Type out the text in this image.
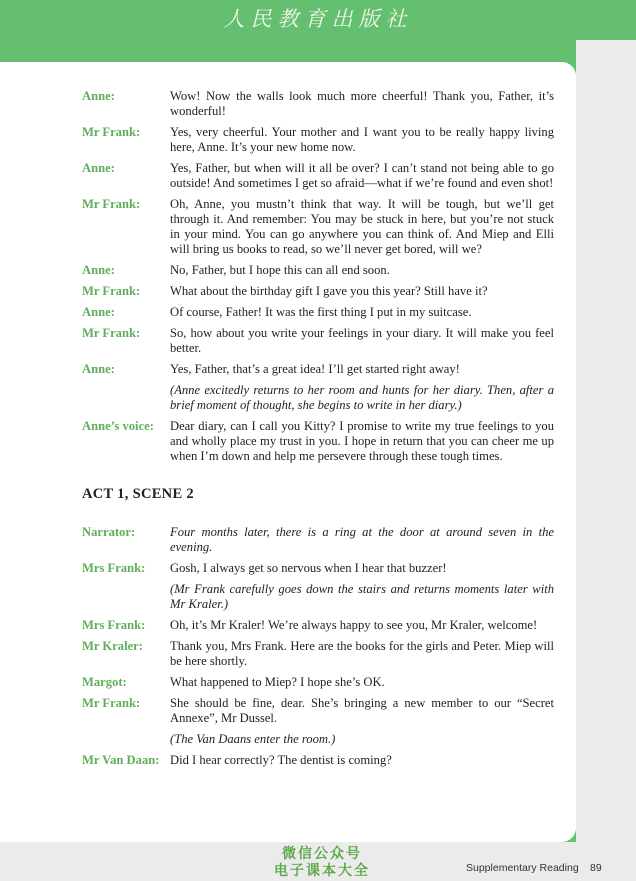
人民教育出版社
Anne:	Wow! Now the walls look much more cheerful! Thank you, Father, it’s wonderful!
Mr Frank:	Yes, very cheerful. Your mother and I want you to be really happy living here, Anne. It’s your new home now.
Anne:	Yes, Father, but when will it all be over? I can’t stand not being able to go outside! And sometimes I get so afraid—what if we’re found and even shot!
Mr Frank:	Oh, Anne, you mustn’t think that way. It will be tough, but we’ll get through it. And remember: You may be stuck in here, but you’re not stuck in your mind. You can go anywhere you can think of. And Miep and Elli will bring us books to read, so we’ll never get bored, will we?
Anne:	No, Father, but I hope this can all end soon.
Mr Frank:	What about the birthday gift I gave you this year? Still have it?
Anne:	Of course, Father! It was the first thing I put in my suitcase.
Mr Frank:	So, how about you write your feelings in your diary. It will make you feel better.
Anne:	Yes, Father, that’s a great idea! I’ll get started right away!
(Anne excitedly returns to her room and hunts for her diary. Then, after a brief moment of thought, she begins to write in her diary.)
Anne’s voice:	Dear diary, can I call you Kitty? I promise to write my true feelings to you and wholly place my trust in you. I hope in return that you can cheer me up when I’m down and help me persevere through these tough times.
ACT 1, SCENE 2
Narrator:	Four months later, there is a ring at the door at around seven in the evening.
Mrs Frank:	Gosh, I always get so nervous when I hear that buzzer!
(Mr Frank carefully goes down the stairs and returns moments later with Mr Kraler.)
Mrs Frank:	Oh, it’s Mr Kraler! We’re always happy to see you, Mr Kraler, welcome!
Mr Kraler:	Thank you, Mrs Frank. Here are the books for the girls and Peter. Miep will be here shortly.
Margot:	What happened to Miep? I hope she’s OK.
Mr Frank:	She should be fine, dear. She’s bringing a new member to our “Secret Annexe”, Mr Dussel.
(The Van Daans enter the room.)
Mr Van Daan: Did I hear correctly? The dentist is coming?
微信公众号
电子课本大全	Supplementary Reading 89
